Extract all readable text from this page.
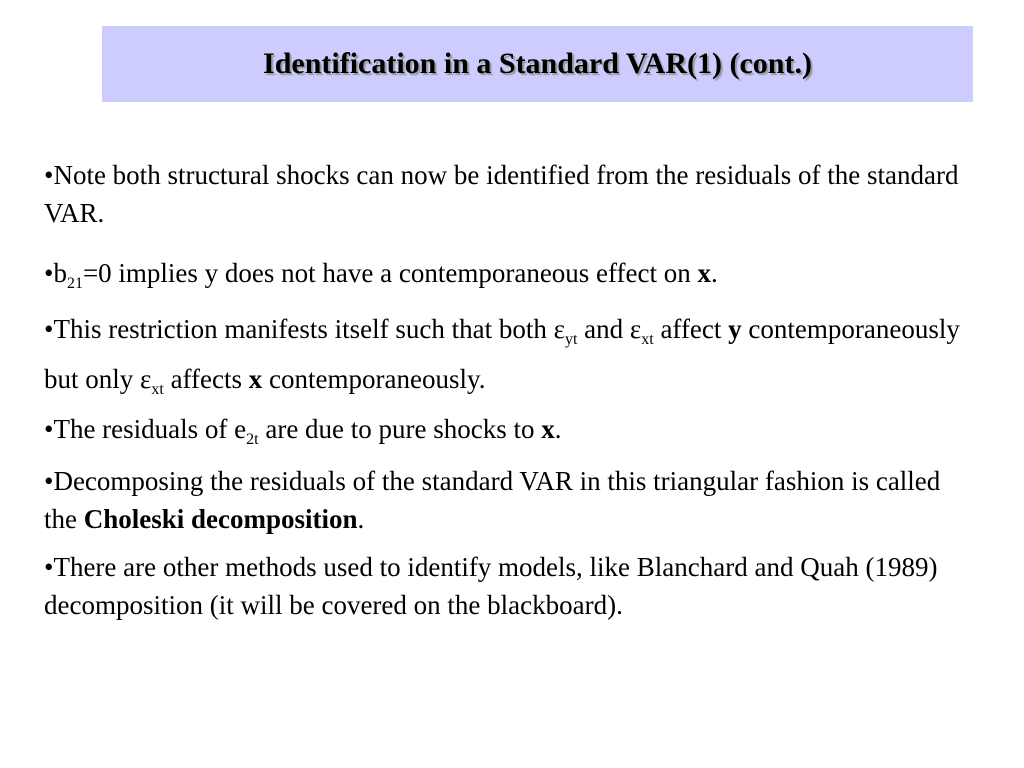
Identification in a Standard VAR(1) (cont.)

•Note both structural shocks can now be identified from the residuals of the standard VAR.

$•b_{21}=0$ implies y does not have a contemporaneous effect on x.

•This restriction manifests itself such that both $\varepsilon_{yt}$ and $\varepsilon_{xt}$ affect y contemporaneously but only $\varepsilon_{xt}$ affects x contemporaneously.

•The residuals of $e_{2t}$ are due to pure shocks to x.

•Decomposing the residuals of the standard VAR in this triangular fashion is called the Choleski decomposition.

•There are other methods used to identify models, like Blanchard and Quah (1989) decomposition (it will be covered on the blackboard).
